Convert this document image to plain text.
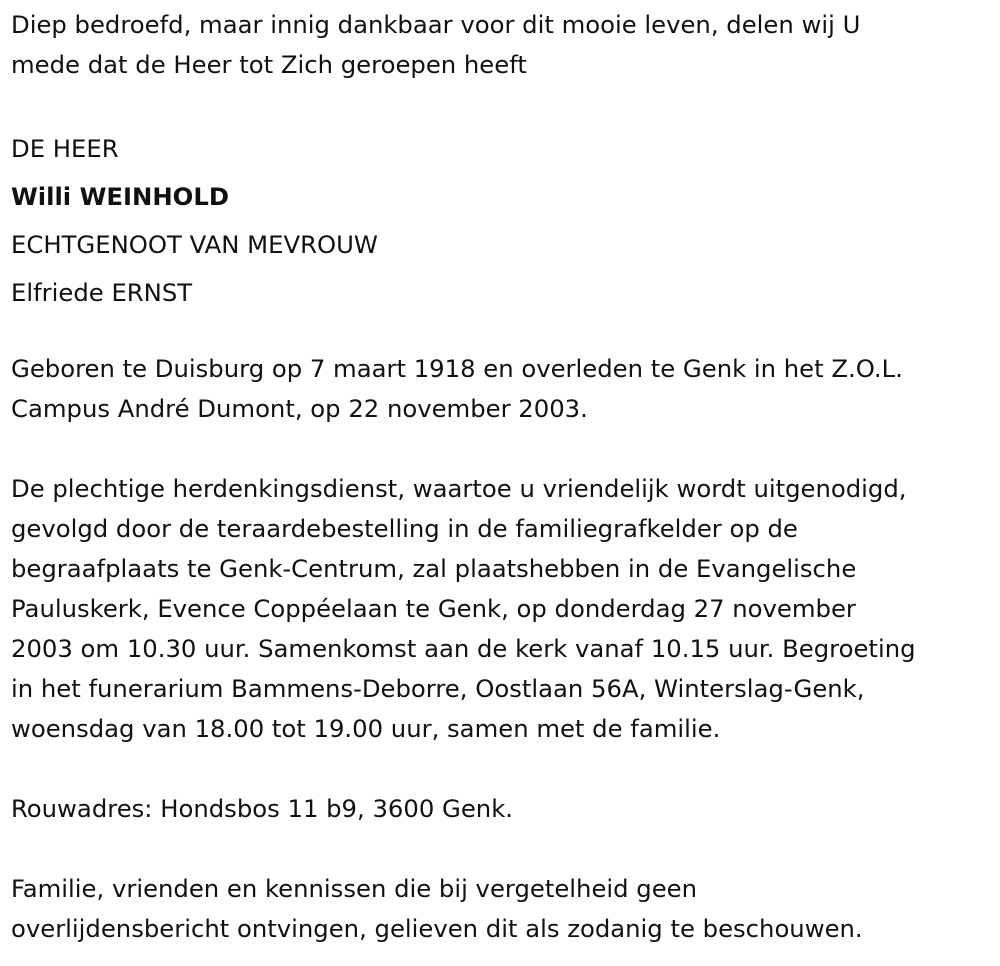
Diep bedroefd, maar innig dankbaar voor dit mooie leven, delen wij U
mede dat de Heer tot Zich geroepen heeft
DE HEER
Willi WEINHOLD
ECHTGENOOT VAN MEVROUW
Elfriede ERNST
Geboren te Duisburg op 7 maart 1918 en overleden te Genk in het Z.O.L.
Campus André Dumont, op 22 november 2003.
De plechtige herdenkingsdienst, waartoe u vriendelijk wordt uitgenodigd,
gevolgd door de teraardebestelling in de familiegrafkelder op de
begraafplaats te Genk-Centrum, zal plaatshebben in de Evangelische
Pauluskerk, Evence Coppéelaan te Genk, op donderdag 27 november
2003 om 10.30 uur. Samenkomst aan de kerk vanaf 10.15 uur. Begroeting
in het funerarium Bammens-Deborre, Oostlaan 56A, Winterslag-Genk,
woensdag van 18.00 tot 19.00 uur, samen met de familie.
Rouwadres: Hondsbos 11 b9, 3600 Genk.
Familie, vrienden en kennissen die bij vergetelheid geen
overlijdensbericht ontvingen, gelieven dit als zodanig te beschouwen.
